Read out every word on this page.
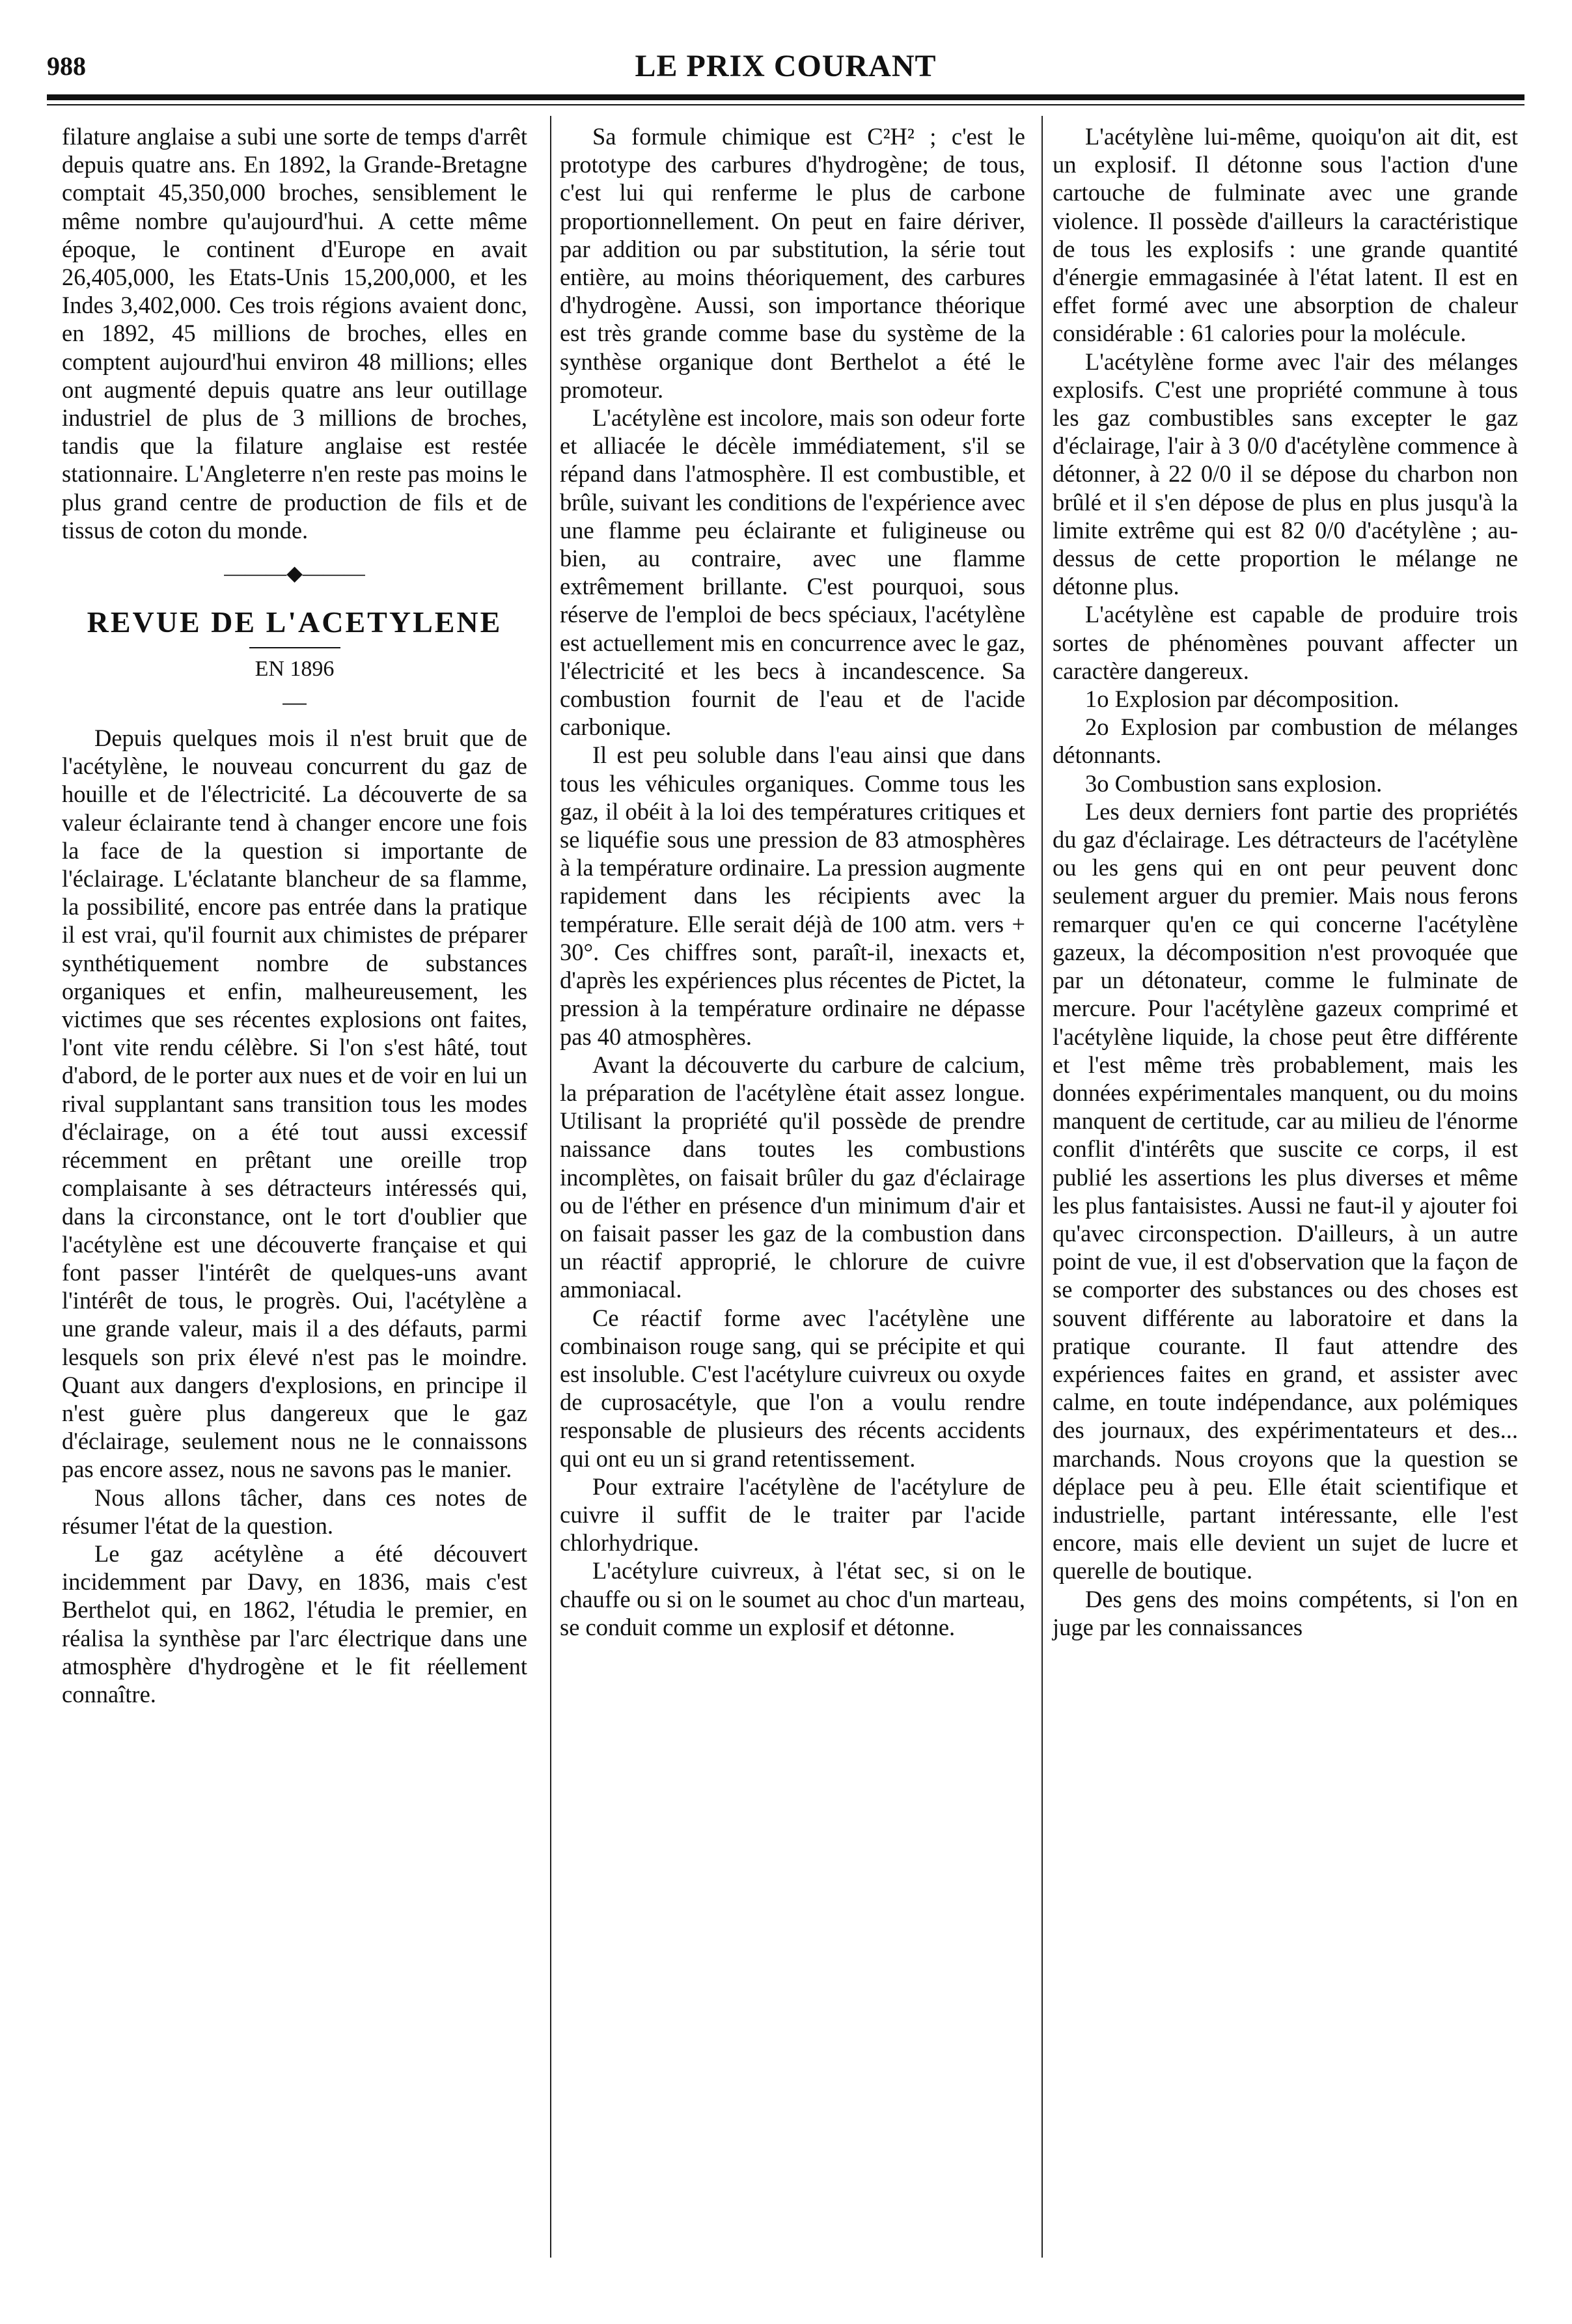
988	LE PRIX COURANT

filature anglaise a subi une sorte de temps d'arrêt depuis quatre ans. En 1892, la Grande-Bretagne comptait 45,350,000 broches, sensiblement le même nombre qu'aujourd'hui. A cette même époque, le continent d'Europe en avait 26,405,000, les Etats-Unis 15,200,000, et les Indes 3,402,000. Ces trois régions avaient donc, en 1892, 45 millions de broches, elles en comptent aujourd'hui environ 48 millions; elles ont augmenté depuis quatre ans leur outillage industriel de plus de 3 millions de broches, tandis que la filature anglaise est restée stationnaire. L'Angleterre n'en reste pas moins le plus grand centre de production de fils et de tissus de coton du monde.

———◆———
REVUE DE L'ACETYLENE
EN 1896
—

Depuis quelques mois il n'est bruit que de l'acétylène, le nouveau concurrent du gaz de houille et de l'électricité. La découverte de sa valeur éclairante tend à changer encore une fois la face de la question si importante de l'éclairage. L'éclatante blancheur de sa flamme, la possibilité, encore pas entrée dans la pratique il est vrai, qu'il fournit aux chimistes de préparer synthétiquement nombre de substances organiques et enfin, malheureusement, les victimes que ses récentes explosions ont faites, l'ont vite rendu célèbre. Si l'on s'est hâté, tout d'abord, de le porter aux nues et de voir en lui un rival supplantant sans transition tous les modes d'éclairage, on a été tout aussi excessif récemment en prêtant une oreille trop complaisante à ses détracteurs intéressés qui, dans la circonstance, ont le tort d'oublier que l'acétylène est une découverte française et qui font passer l'intérêt de quelques-uns avant l'intérêt de tous, le progrès. Oui, l'acétylène a une grande valeur, mais il a des défauts, parmi lesquels son prix élevé n'est pas le moindre. Quant aux dangers d'explosions, en principe il n'est guère plus dangereux que le gaz d'éclairage, seulement nous ne le connaissons pas encore assez, nous ne savons pas le manier.

Nous allons tâcher, dans ces notes de résumer l'état de la question.

Le gaz acétylène a été découvert incidemment par Davy, en 1836, mais c'est Berthelot qui, en 1862, l'étudia le premier, en réalisa la synthèse par l'arc électrique dans une atmosphère d'hydrogène et le fit réellement connaître.

Sa formule chimique est C²H² ; c'est le prototype des carbures d'hydrogène; de tous, c'est lui qui renferme le plus de carbone proportionnellement. On peut en faire dériver, par addition ou par substitution, la série tout entière, au moins théoriquement, des carbures d'hydrogène. Aussi, son importance théorique est très grande comme base du système de la synthèse organique dont Berthelot a été le promoteur.

L'acétylène est incolore, mais son odeur forte et alliacée le décèle immédiatement, s'il se répand dans l'atmosphère. Il est combustible, et brûle, suivant les conditions de l'expérience avec une flamme peu éclairante et fuligineuse ou bien, au contraire, avec une flamme extrêmement brillante. C'est pourquoi, sous réserve de l'emploi de becs spéciaux, l'acétylène est actuellement mis en concurrence avec le gaz, l'électricité et les becs à incandescence. Sa combustion fournit de l'eau et de l'acide carbonique.

Il est peu soluble dans l'eau ainsi que dans tous les véhicules organiques. Comme tous les gaz, il obéit à la loi des températures critiques et se liquéfie sous une pression de 83 atmosphères à la température ordinaire. La pression augmente rapidement dans les récipients avec la température. Elle serait déjà de 100 atm. vers + 30°. Ces chiffres sont, paraît-il, inexacts et, d'après les expériences plus récentes de Pictet, la pression à la température ordinaire ne dépasse pas 40 atmosphères.

Avant la découverte du carbure de calcium, la préparation de l'acétylène était assez longue. Utilisant la propriété qu'il possède de prendre naissance dans toutes les combustions incomplètes, on faisait brûler du gaz d'éclairage ou de l'éther en présence d'un minimum d'air et on faisait passer les gaz de la combustion dans un réactif approprié, le chlorure de cuivre ammoniacal.

Ce réactif forme avec l'acétylène une combinaison rouge sang, qui se précipite et qui est insoluble. C'est l'acétylure cuivreux ou oxyde de cuprosacétyle, que l'on a voulu rendre responsable de plusieurs des récents accidents qui ont eu un si grand retentissement.

Pour extraire l'acétylène de l'acétylure de cuivre il suffit de le traiter par l'acide chlorhydrique.

L'acétylure cuivreux, à l'état sec, si on le chauffe ou si on le soumet au choc d'un marteau, se conduit comme un explosif et détonne.

L'acétylène lui-même, quoiqu'on ait dit, est un explosif. Il détonne sous l'action d'une cartouche de fulminate avec une grande violence. Il possède d'ailleurs la caractéristique de tous les explosifs : une grande quantité d'énergie emmagasinée à l'état latent. Il est en effet formé avec une absorption de chaleur considérable : 61 calories pour la molécule.

L'acétylène forme avec l'air des mélanges explosifs. C'est une propriété commune à tous les gaz combustibles sans excepter le gaz d'éclairage, l'air à 3 0/0 d'acétylène commence à détonner, à 22 0/0 il se dépose du charbon non brûlé et il s'en dépose de plus en plus jusqu'à la limite extrême qui est 82 0/0 d'acétylène ; au-dessus de cette proportion le mélange ne détonne plus.

L'acétylène est capable de produire trois sortes de phénomènes pouvant affecter un caractère dangereux.

1o Explosion par décomposition.

2o Explosion par combustion de mélanges détonnants.

3o Combustion sans explosion.

Les deux derniers font partie des propriétés du gaz d'éclairage. Les détracteurs de l'acétylène ou les gens qui en ont peur peuvent donc seulement arguer du premier. Mais nous ferons remarquer qu'en ce qui concerne l'acétylène gazeux, la décomposition n'est provoquée que par un détonateur, comme le fulminate de mercure. Pour l'acétylène gazeux comprimé et l'acétylène liquide, la chose peut être différente et l'est même très probablement, mais les données expérimentales manquent, ou du moins manquent de certitude, car au milieu de l'énorme conflit d'intérêts que suscite ce corps, il est publié les assertions les plus diverses et même les plus fantaisistes. Aussi ne faut-il y ajouter foi qu'avec circonspection. D'ailleurs, à un autre point de vue, il est d'observation que la façon de se comporter des substances ou des choses est souvent différente au laboratoire et dans la pratique courante. Il faut attendre des expériences faites en grand, et assister avec calme, en toute indépendance, aux polémiques des journaux, des expérimentateurs et des... marchands. Nous croyons que la question se déplace peu à peu. Elle était scientifique et industrielle, partant intéressante, elle l'est encore, mais elle devient un sujet de lucre et querelle de boutique.

Des gens des moins compétents, si l'on en juge par les connaissances
